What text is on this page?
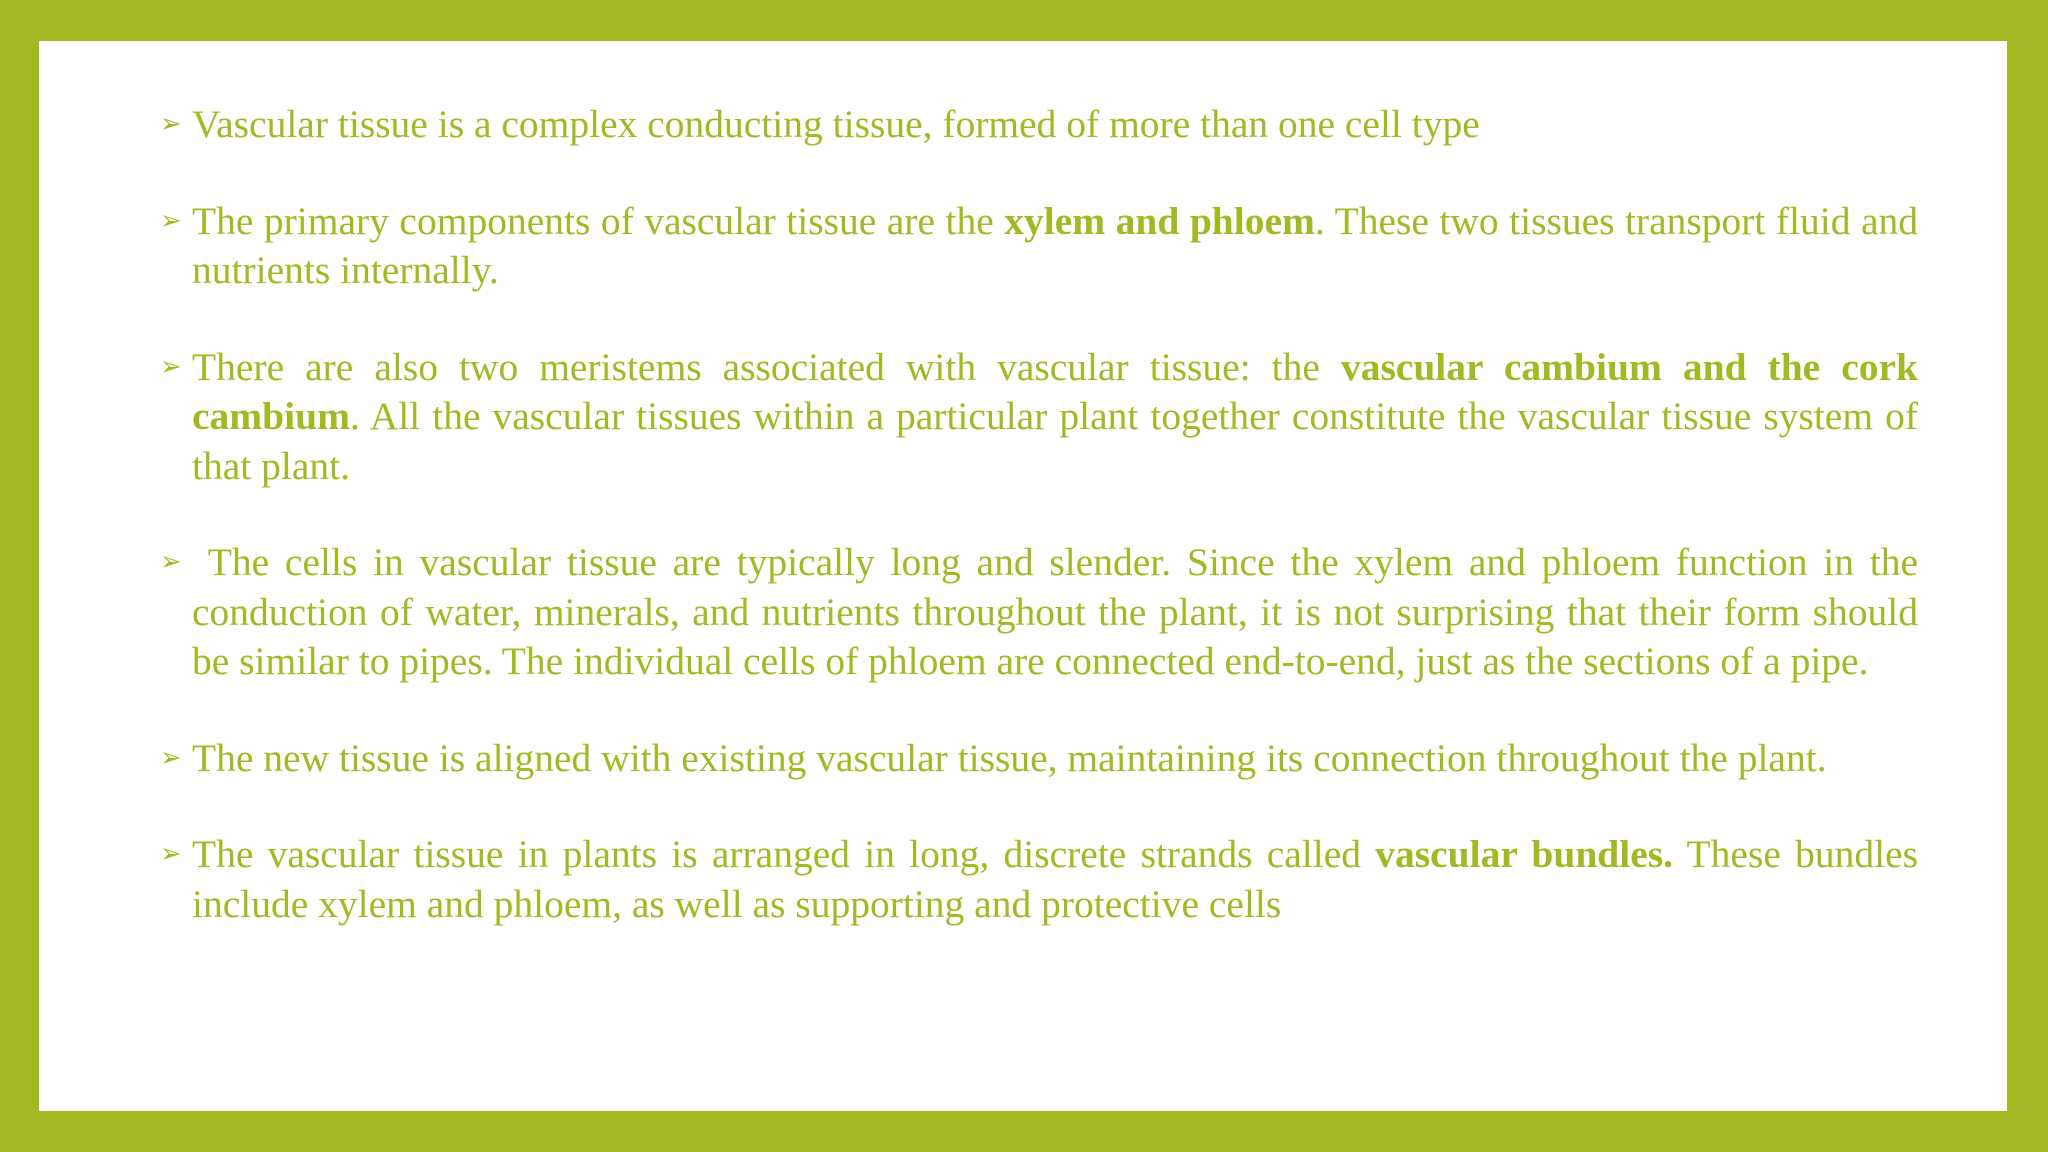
➢ Vascular tissue is a complex conducting tissue, formed of more than one cell type
➢ The primary components of vascular tissue are the xylem and phloem. These two tissues transport fluid and nutrients internally.
➢ There are also two meristems associated with vascular tissue: the vascular cambium and the cork cambium. All the vascular tissues within a particular plant together constitute the vascular tissue system of that plant.
➢ The cells in vascular tissue are typically long and slender. Since the xylem and phloem function in the conduction of water, minerals, and nutrients throughout the plant, it is not surprising that their form should be similar to pipes. The individual cells of phloem are connected end-to-end, just as the sections of a pipe.
➢ The new tissue is aligned with existing vascular tissue, maintaining its connection throughout the plant.
➢ The vascular tissue in plants is arranged in long, discrete strands called vascular bundles. These bundles include xylem and phloem, as well as supporting and protective cells
